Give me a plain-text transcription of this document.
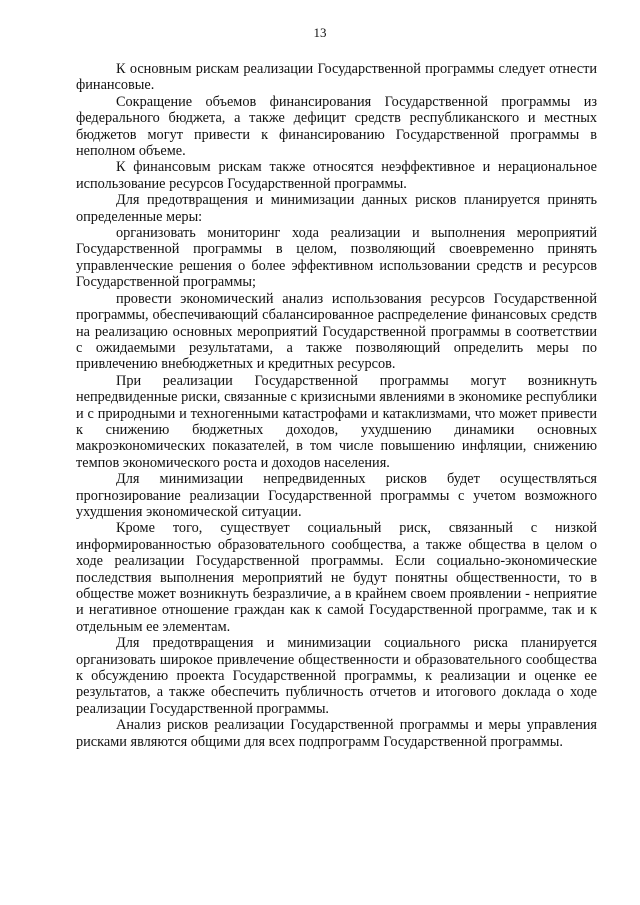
13

К основным рискам реализации Государственной программы следует отнести финансовые.

Сокращение объемов финансирования Государственной программы из федерального бюджета, а также дефицит средств республиканского и местных бюджетов могут привести к финансированию Государственной программы в неполном объеме.

К финансовым рискам также относятся неэффективное и нерациональное использование ресурсов Государственной программы.

Для предотвращения и минимизации данных рисков планируется принять определенные меры:

организовать мониторинг хода реализации и выполнения мероприятий Государственной программы в целом, позволяющий своевременно принять управленческие решения о более эффективном использовании средств и ресурсов Государственной программы;

провести экономический анализ использования ресурсов Государственной программы, обеспечивающий сбалансированное распределение финансовых средств на реализацию основных мероприятий Государственной программы в соответствии с ожидаемыми результатами, а также позволяющий определить меры по привлечению внебюджетных и кредитных ресурсов.

При реализации Государственной программы могут возникнуть непредвиденные риски, связанные с кризисными явлениями в экономике республики и с природными и техногенными катастрофами и катаклизмами, что может привести к снижению бюджетных доходов, ухудшению динамики основных макроэкономических показателей, в том числе повышению инфляции, снижению темпов экономического роста и доходов населения.

Для минимизации непредвиденных рисков будет осуществляться прогнозирование реализации Государственной программы с учетом возможного ухудшения экономической ситуации.

Кроме того, существует социальный риск, связанный с низкой информированностью образовательного сообщества, а также общества в целом о ходе реализации Государственной программы. Если социально-экономические последствия выполнения мероприятий не будут понятны общественности, то в обществе может возникнуть безразличие, а в крайнем своем проявлении - неприятие и негативное отношение граждан как к самой Государственной программе, так и к отдельным ее элементам.

Для предотвращения и минимизации социального риска планируется организовать широкое привлечение общественности и образовательного сообщества к обсуждению проекта Государственной программы, к реализации и оценке ее результатов, а также обеспечить публичность отчетов и итогового доклада о ходе реализации Государственной программы.

Анализ рисков реализации Государственной программы и меры управления рисками являются общими для всех подпрограмм Государственной программы.
